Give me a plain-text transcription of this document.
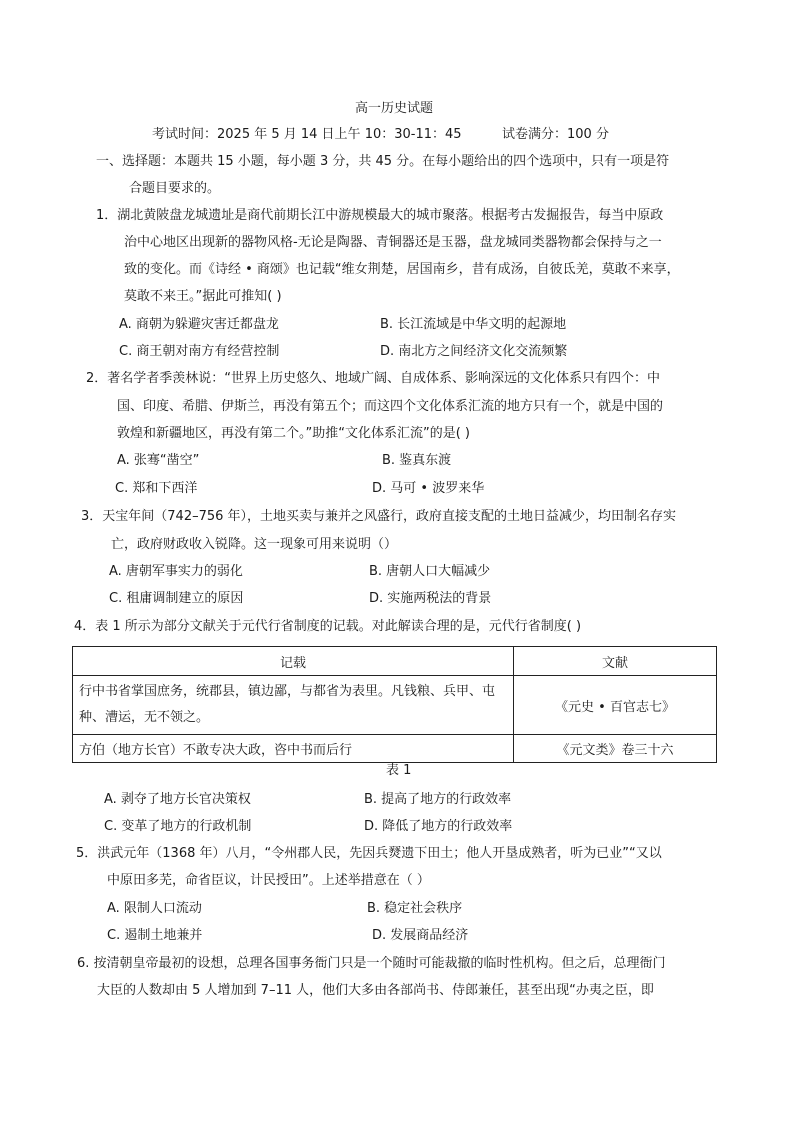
高一历史试题
考试时间：2025 年 5 月 14 日上午 10：30-11：45	试卷满分：100 分
一、选择题：本题共 15 小题，每小题 3 分，共 45 分。在每小题给出的四个选项中，只有一项是符
合题目要求的。
1．湖北黄陂盘龙城遗址是商代前期长江中游规模最大的城市聚落。根据考古发掘报告，每当中原政
治中心地区出现新的器物风格-无论是陶器、青铜器还是玉器，盘龙城同类器物都会保持与之一
致的变化。而《诗经 • 商颂》也记载“维女荆楚，居国南乡，昔有成汤，自彼氐羌，莫敢不来享，
莫敢不来王。”据此可推知( )
A. 商朝为躲避灾害迁都盘龙	B. 长江流域是中华文明的起源地
C. 商王朝对南方有经营控制	D. 南北方之间经济文化交流频繁
2．著名学者季羡林说：“世界上历史悠久、地域广阔、自成体系、影响深远的文化体系只有四个：中
国、印度、希腊、伊斯兰，再没有第五个；而这四个文化体系汇流的地方只有一个，就是中国的
敦煌和新疆地区，再没有第二个。”助推“文化体系汇流”的是( )
A. 张骞“凿空”	B. 鉴真东渡
C. 郑和下西洋	D. 马可 • 波罗来华
3．天宝年间（742–756 年），土地买卖与兼并之风盛行，政府直接支配的土地日益减少，均田制名存实
亡，政府财政收入锐降。这一现象可用来说明（）
A. 唐朝军事实力的弱化	B. 唐朝人口大幅减少
C. 租庸调制建立的原因	D. 实施两税法的背景
4．表 1 所示为部分文献关于元代行省制度的记载。对此解读合理的是，元代行省制度( )
记载	文献

行中书省掌国庶务，统郡县，镇边鄙，与都省为表里。凡钱粮、兵甲、屯种、漕运，无不领之。	《元史 • 百官志七》
方伯（地方长官）不敢专决大政，咨中书而后行	《元文类》卷三十六
表 1
A. 剥夺了地方长官决策权	B. 提高了地方的行政效率
C. 变革了地方的行政机制	D. 降低了地方的行政效率
5．洪武元年（1368 年）八月，“令州郡人民，先因兵燹遗下田土；他人开垦成熟者，听为已业”“又以
中原田多芜，命省臣议，计民授田”。上述举措意在（ ）
A. 限制人口流动	B. 稳定社会秩序
C. 遏制土地兼并	D. 发展商品经济
6. 按清朝皇帝最初的设想，总理各国事务衙门只是一个随时可能裁撤的临时性机构。但之后，总理衙门
大臣的人数却由 5 人增加到 7–11 人，他们大多由各部尚书、侍郎兼任，甚至出现“办夷之臣，即
